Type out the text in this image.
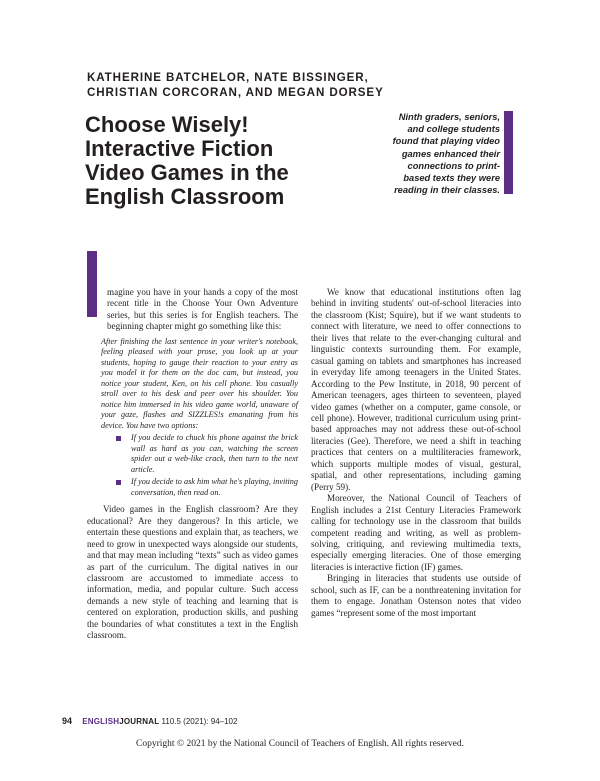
KATHERINE BATCHELOR, NATE BISSINGER,
CHRISTIAN CORCORAN, AND MEGAN DORSEY
Choose Wisely!
Interactive Fiction
Video Games in the
English Classroom
Ninth graders, seniors,
and college students
found that playing video
games enhanced their
connections to print-
based texts they were
reading in their classes.

magine you have in your hands a copy of the most recent title in the Choose Your Own Adventure series, but this series is for English teachers. The beginning chapter might go something like this:

After finishing the last sentence in your writer's notebook, feeling pleased with your prose, you look up at your students, hoping to gauge their reaction to your entry as you model it for them on the doc cam, but instead, you notice your student, Ken, on his cell phone. You casually stroll over to his desk and peer over his shoulder. You notice him immersed in his video game world, unaware of your gaze, flashes and SIZZLES!s emanating from his device. You have two options:

If you decide to chuck his phone against the brick wall as hard as you can, watching the screen spider out a web-like crack, then turn to the next article.
If you decide to ask him what he's playing, inviting conversation, then read on.

Video games in the English classroom? Are they educational? Are they dangerous? In this article, we entertain these questions and explain that, as teachers, we need to grow in unexpected ways alongside our students, and that may mean including “texts” such as video games as part of the curriculum. The digital natives in our classroom are accustomed to immediate access to information, media, and popular culture. Such access demands a new style of teaching and learning that is centered on exploration, production skills, and pushing the boundaries of what constitutes a text in the English classroom.

We know that educational institutions often lag behind in inviting students' out-of-school literacies into the classroom (Kist; Squire), but if we want students to connect with literature, we need to offer connections to their lives that relate to the ever-changing cultural and linguistic contexts surrounding them. For example, casual gaming on tablets and smartphones has increased in everyday life among teenagers in the United States. According to the Pew Institute, in 2018, 90 percent of American teenagers, ages thirteen to seventeen, played video games (whether on a computer, game console, or cell phone). However, traditional curriculum using print-based approaches may not address these out-of-school literacies (Gee). Therefore, we need a shift in teaching practices that centers on a multiliteracies framework, which supports multiple modes of visual, gestural, spatial, and other representations, including gaming (Perry 59).

Moreover, the National Council of Teachers of English includes a 21st Century Literacies Framework calling for technology use in the classroom that builds competent reading and writing, as well as problem-solving, critiquing, and reviewing multimedia texts, especially emerging literacies. One of those emerging literacies is interactive fiction (IF) games.

Bringing in literacies that students use outside of school, such as IF, can be a nonthreatening invitation for them to engage. Jonathan Ostenson notes that video games “represent some of the most important

94 ENGLISHJOURNAL 110.5 (2021): 94–102
Copyright © 2021 by the National Council of Teachers of English. All rights reserved.
